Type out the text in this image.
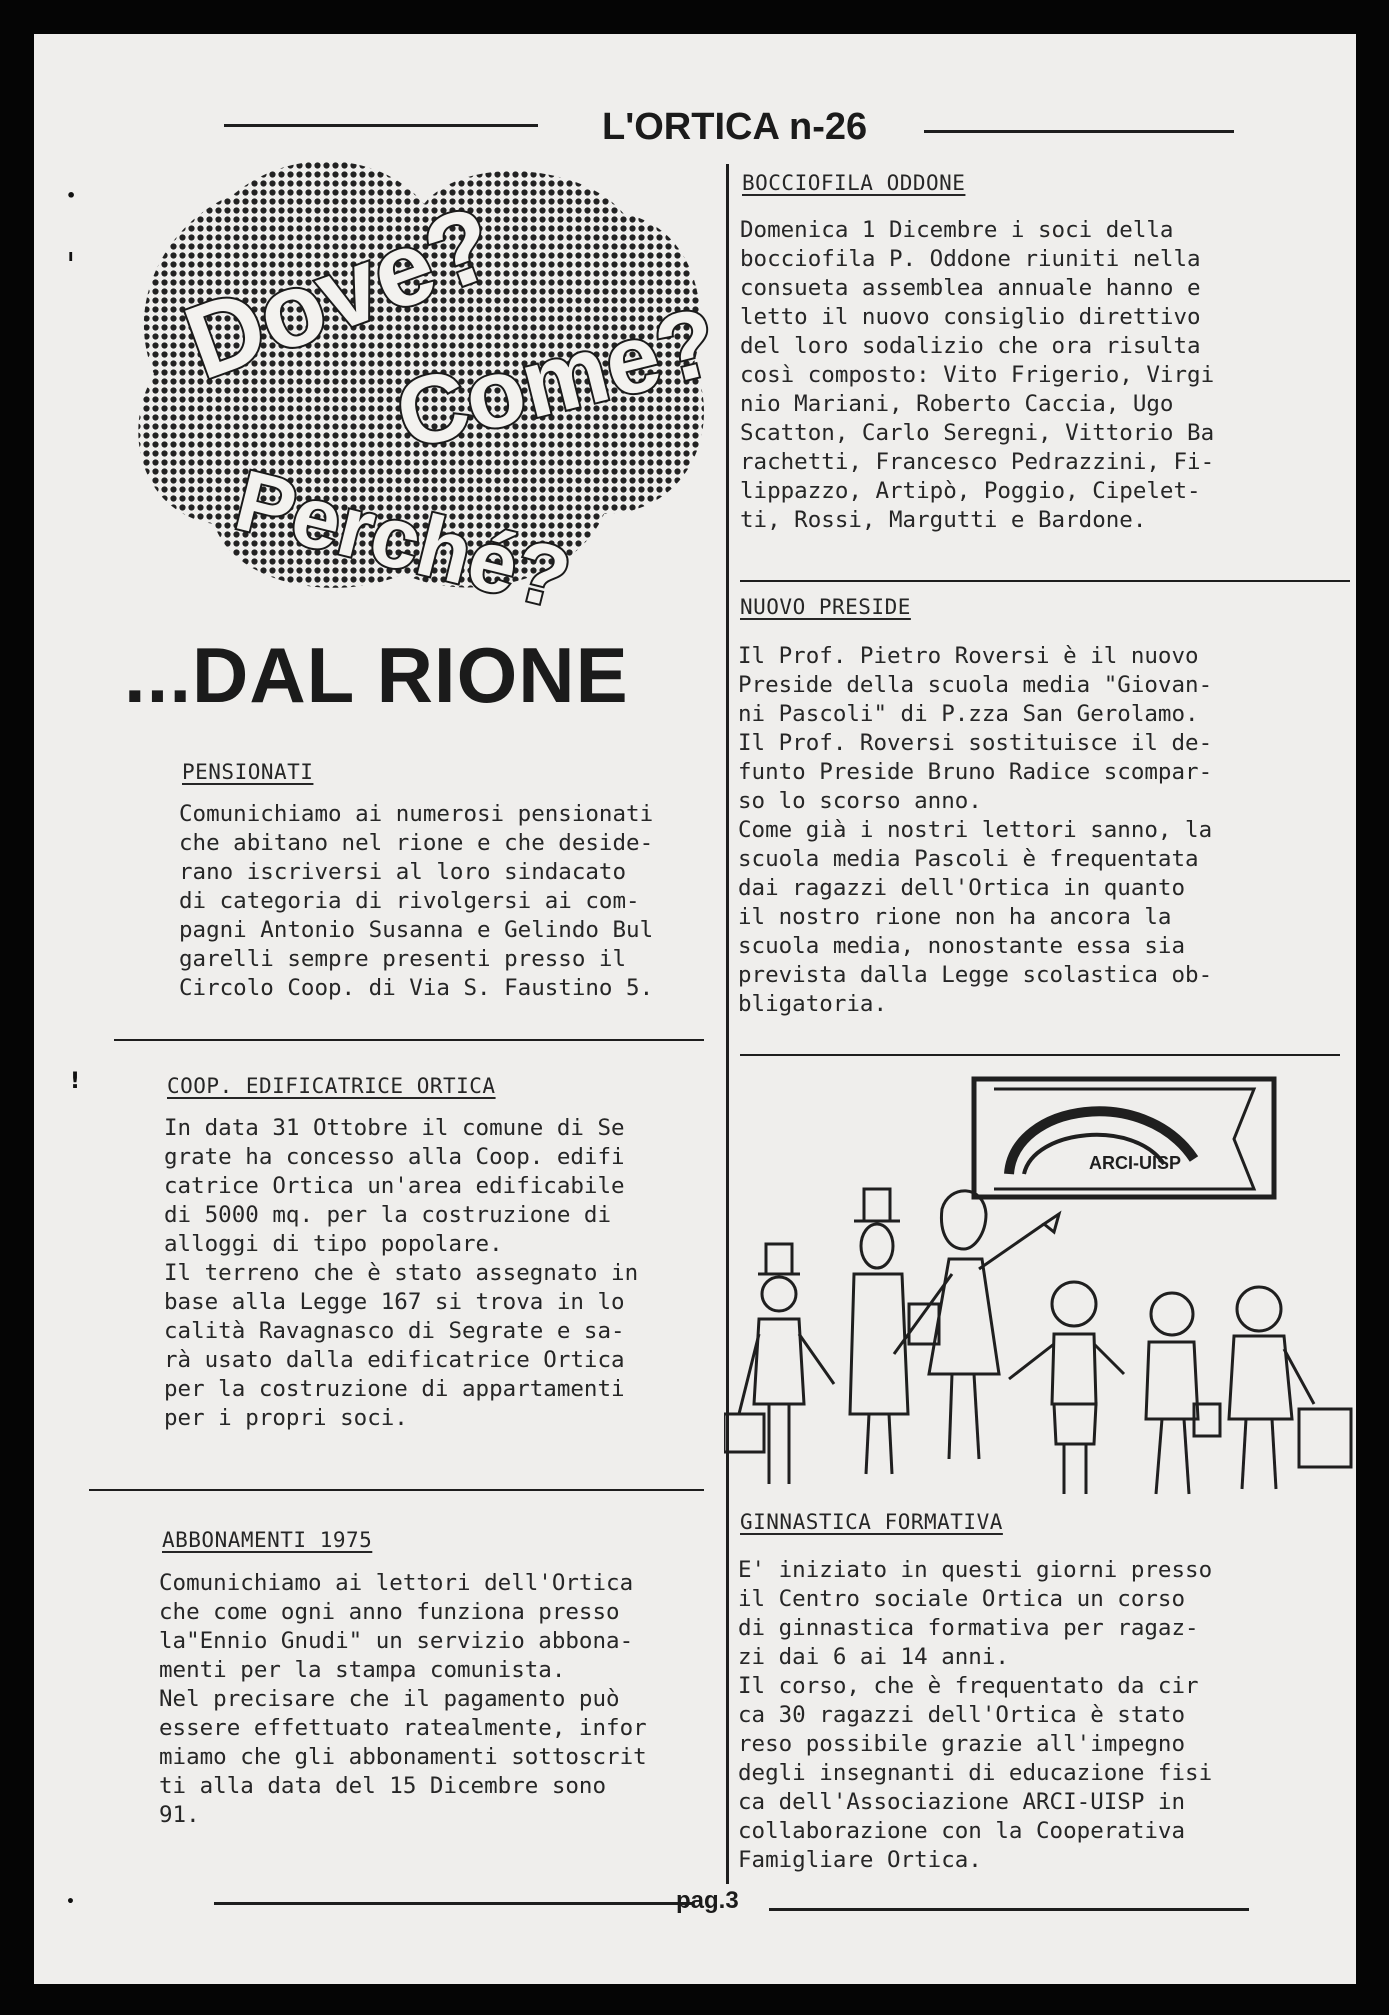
L'ORTICA n-26
Dove?
Come?
Perché?
...DAL RIONE
PENSIONATI
Comunichiamo ai numerosi pensionati
che abitano nel rione e che deside-
rano iscriversi al loro sindacato
di categoria di rivolgersi ai com-
pagni Antonio Susanna e Gelindo Bul
garelli sempre presenti presso il
Circolo Coop. di Via S. Faustino 5.
!	COOP. EDIFICATRICE ORTICA
In data 31 Ottobre il comune di Se
grate ha concesso alla Coop. edifi
catrice Ortica un'area edificabile
di 5000 mq. per la costruzione di
alloggi di tipo popolare.
Il terreno che è stato assegnato in
base alla Legge 167 si trova in lo
calità Ravagnasco di Segrate e sa-
rà usato dalla edificatrice Ortica
per la costruzione di appartamenti
per i propri soci.
ABBONAMENTI 1975
Comunichiamo ai lettori dell'Ortica
che come ogni anno funziona presso
la"Ennio Gnudi" un servizio abbona-
menti per la stampa comunista.
Nel precisare che il pagamento può
essere effettuato ratealmente, infor
miamo che gli abbonamenti sottoscrit
ti alla data del 15 Dicembre sono
91.
BOCCIOFILA ODDONE
Domenica 1 Dicembre i soci della
bocciofila P. Oddone riuniti nella
consueta assemblea annuale hanno e
letto il nuovo consiglio direttivo
del loro sodalizio che ora risulta
così composto: Vito Frigerio, Virgi
nio Mariani, Roberto Caccia, Ugo
Scatton, Carlo Seregni, Vittorio Ba
rachetti, Francesco Pedrazzini, Fi-
lippazzo, Artipò, Poggio, Cipelet-
ti, Rossi, Margutti e Bardone.
NUOVO PRESIDE
Il Prof. Pietro Roversi è il nuovo
Preside della scuola media "Giovan-
ni Pascoli" di P.zza San Gerolamo.
Il Prof. Roversi sostituisce il de-
funto Preside Bruno Radice scompar-
so lo scorso anno.
Come già i nostri lettori sanno, la
scuola media Pascoli è frequentata
dai ragazzi dell'Ortica in quanto
il nostro rione non ha ancora la
scuola media, nonostante essa sia
prevista dalla Legge scolastica ob-
bligatoria.
ARCI-UISP
GINNASTICA FORMATIVA
E' iniziato in questi giorni presso
il Centro sociale Ortica un corso
di ginnastica formativa per ragaz-
zi dai 6 ai 14 anni.
Il corso, che è frequentato da cir
ca 30 ragazzi dell'Ortica è stato
reso possibile grazie all'impegno
degli insegnanti di educazione fisi
ca dell'Associazione ARCI-UISP in
collaborazione con la Cooperativa
Famigliare Ortica.
pag.3
•
ı
•
